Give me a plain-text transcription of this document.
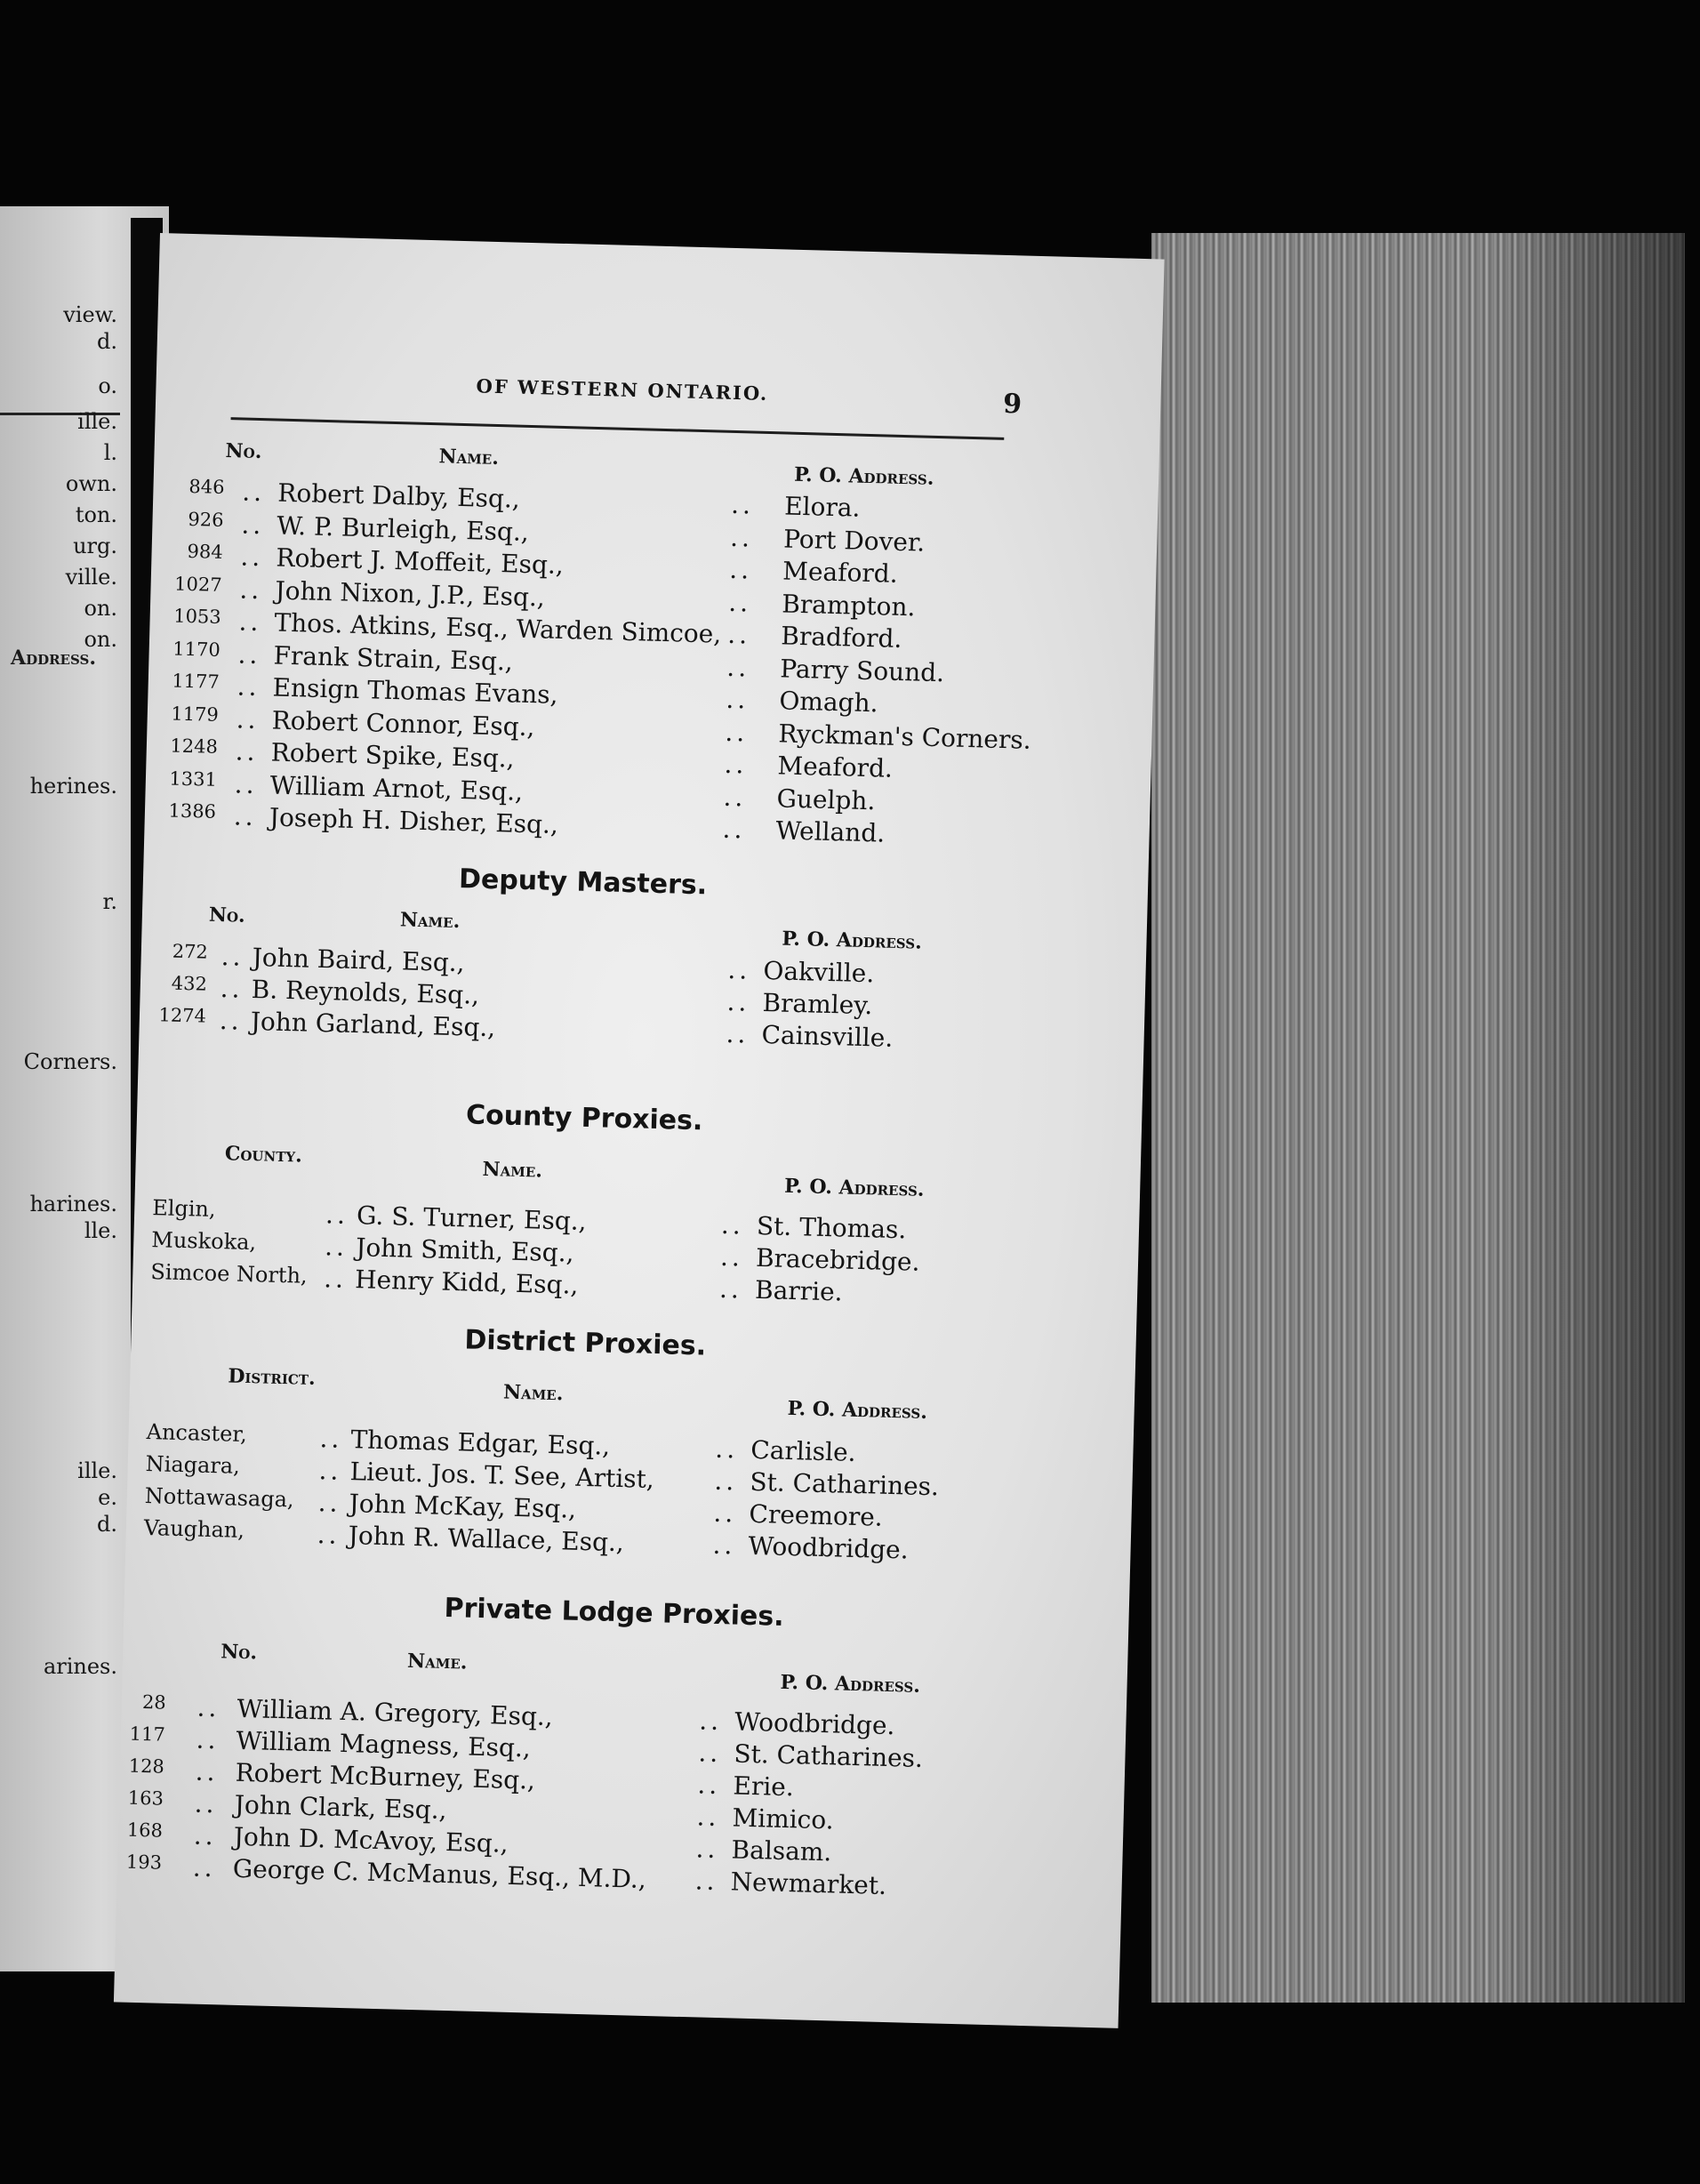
Address.
view.
d.
o.
ille.
l.
own.
ton.
urg.
ville.
on.
on.
herines.
r.
Corners.
harines.
lle.
ille.
e.
d.
arines.
OF WESTERN ONTARIO.	9
No.	Name.
P. O. Address.
846 .. Robert Dalby, Esq.,	.. Elora.
926 .. W. P. Burleigh, Esq.,	.. Port Dover.
984 .. Robert J. Moffeit, Esq.,	.. Meaford.
1027 .. John Nixon, J.P., Esq.,	.. Brampton.
1053 .. Thos. Atkins, Esq., Warden Simcoe, .. Bradford.
1170 .. Frank Strain, Esq.,	.. Parry Sound.
1177 .. Ensign Thomas Evans,	.. Omagh.
1179 .. Robert Connor, Esq.,	.. Ryckman's Corners.
1248 .. Robert Spike, Esq.,	.. Meaford.
1331 .. William Arnot, Esq.,	.. Guelph.
1386 .. Joseph H. Disher, Esq.,	.. Welland.
Deputy Masters.
No.	Name.
P. O. Address.
272 .. John Baird, Esq.,	.. Oakville.
432 .. B. Reynolds, Esq.,	.. Bramley.
1274 .. John Garland, Esq.,	.. Cainsville.
County Proxies.
County.
Name.
P. O. Address.
Elgin,	.. G. S. Turner, Esq.,	.. St. Thomas.
Muskoka,	.. John Smith, Esq.,	.. Bracebridge.
Simcoe North, .. Henry Kidd, Esq.,	.. Barrie.
District Proxies.
District.
Name.
P. O. Address.
Ancaster,	.. Thomas Edgar, Esq.,	.. Carlisle.
Niagara,	.. Lieut. Jos. T. See, Artist, .. St. Catharines.
Nottawasaga, .. John McKay, Esq.,	.. Creemore.
Vaughan,	.. John R. Wallace, Esq.,	.. Woodbridge.
Private Lodge Proxies.
No.	Name.
P. O. Address.
28 .. William A. Gregory, Esq.,	.. Woodbridge.
117 .. William Magness, Esq.,	.. St. Catharines.
128 .. Robert McBurney, Esq.,	.. Erie.
163 .. John Clark, Esq.,	.. Mimico.
168 .. John D. McAvoy, Esq.,	.. Balsam.
193 .. George C. McManus, Esq., M.D., .. Newmarket.
